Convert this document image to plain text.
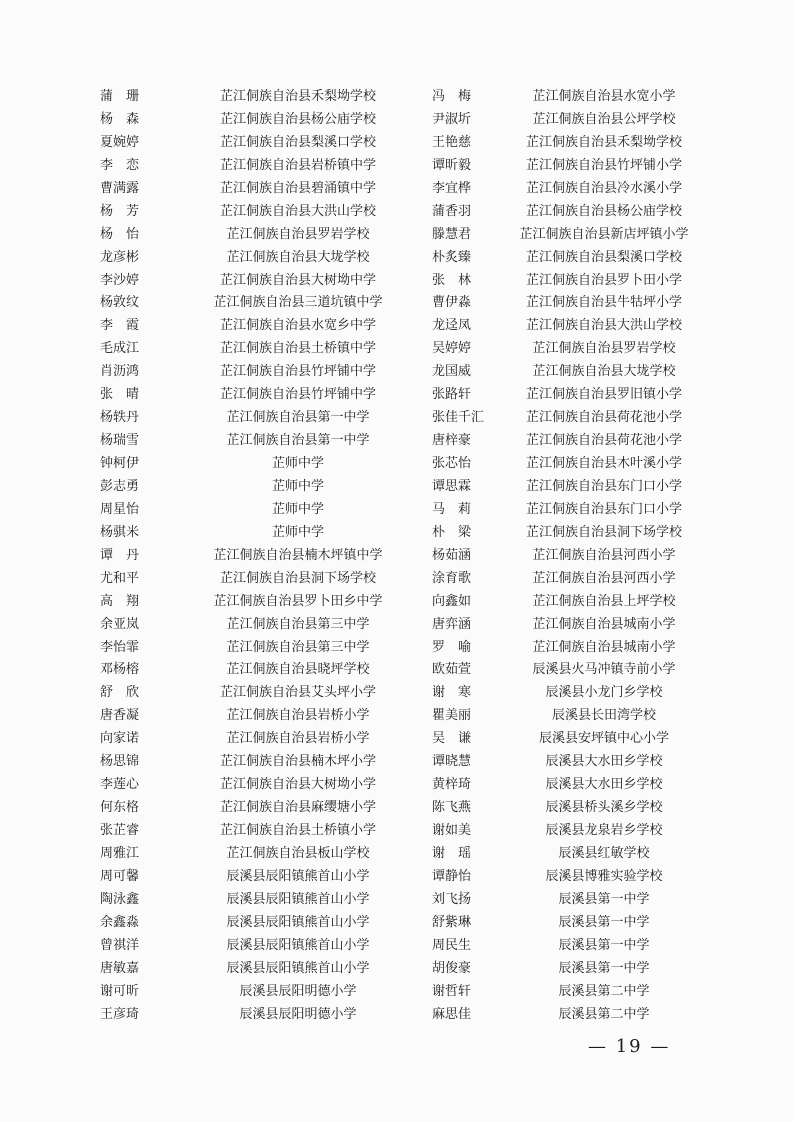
蒲　珊	芷江侗族自治县禾梨坳学校	冯　梅	芷江侗族自治县水宽小学
杨　森	芷江侗族自治县杨公庙学校	尹淑圻	芷江侗族自治县公坪学校
夏婉婷	芷江侗族自治县梨溪口学校	王艳慈	芷江侗族自治县禾梨坳学校
李　恋	芷江侗族自治县岩桥镇中学	谭昕毅	芷江侗族自治县竹坪铺小学
曹满露	芷江侗族自治县碧涌镇中学	李宜桦	芷江侗族自治县冷水溪小学
杨　芳	芷江侗族自治县大洪山学校	蒲香羽	芷江侗族自治县杨公庙学校
杨　怡	芷江侗族自治县罗岩学校	滕慧君	芷江侗族自治县新店坪镇小学
龙彦彬	芷江侗族自治县大垅学校	朴炙臻	芷江侗族自治县梨溪口学校
李沙婷	芷江侗族自治县大树坳中学	张　林	芷江侗族自治县罗卜田小学
杨敦纹	芷江侗族自治县三道坑镇中学	曹伊淼	芷江侗族自治县牛牯坪小学
李　霞	芷江侗族自治县水宽乡中学	龙迳凤	芷江侗族自治县大洪山学校
毛成江	芷江侗族自治县土桥镇中学	吴婷婷	芷江侗族自治县罗岩学校
肖沥鸿	芷江侗族自治县竹坪铺中学	龙国威	芷江侗族自治县大垅学校
张　晴	芷江侗族自治县竹坪铺中学	张路轩	芷江侗族自治县罗旧镇小学
杨轶丹	芷江侗族自治县第一中学	张佳千汇	芷江侗族自治县荷花池小学
杨瑞雪	芷江侗族自治县第一中学	唐梓豪	芷江侗族自治县荷花池小学
钟柯伊	芷师中学	张芯怡	芷江侗族自治县木叶溪小学
彭志勇	芷师中学	谭思霖	芷江侗族自治县东门口小学
周星怡	芷师中学	马　莉	芷江侗族自治县东门口小学
杨骐米	芷师中学	朴　梁	芷江侗族自治县洞下场学校
谭　丹	芷江侗族自治县楠木坪镇中学	杨茹涵	芷江侗族自治县河西小学
尤和平	芷江侗族自治县洞下场学校	涂育歌	芷江侗族自治县河西小学
高　翔	芷江侗族自治县罗卜田乡中学	向鑫如	芷江侗族自治县上坪学校
余亚岚	芷江侗族自治县第三中学	唐弈涵	芷江侗族自治县城南小学
李怡霏	芷江侗族自治县第三中学	罗　喻	芷江侗族自治县城南小学
邓杨榕	芷江侗族自治县晓坪学校	欧茹萱	辰溪县火马冲镇寺前小学
舒　欣	芷江侗族自治县艾头坪小学	谢　寒	辰溪县小龙门乡学校
唐香凝	芷江侗族自治县岩桥小学	瞿美丽	辰溪县长田湾学校
向家诺	芷江侗族自治县岩桥小学	吴　谦	辰溪县安坪镇中心小学
杨思锦	芷江侗族自治县楠木坪小学	谭晓慧	辰溪县大水田乡学校
李莲心	芷江侗族自治县大树坳小学	黄梓琦	辰溪县大水田乡学校
何东格	芷江侗族自治县麻缨塘小学	陈飞燕	辰溪县桥头溪乡学校
张芷睿	芷江侗族自治县土桥镇小学	谢如美	辰溪县龙泉岩乡学校
周雅江	芷江侗族自治县板山学校	谢　瑶	辰溪县红敏学校
周可馨	辰溪县辰阳镇熊首山小学	谭静怡	辰溪县博雅实验学校
陶泳鑫	辰溪县辰阳镇熊首山小学	刘飞扬	辰溪县第一中学
余鑫淼	辰溪县辰阳镇熊首山小学	舒紫琳	辰溪县第一中学
曾祺洋	辰溪县辰阳镇熊首山小学	周民生	辰溪县第一中学
唐敏嘉	辰溪县辰阳镇熊首山小学	胡俊豪	辰溪县第一中学
谢可昕	辰溪县辰阳明德小学	谢哲轩	辰溪县第二中学
王彦琦	辰溪县辰阳明德小学	麻思佳	辰溪县第二中学
— 19 —
